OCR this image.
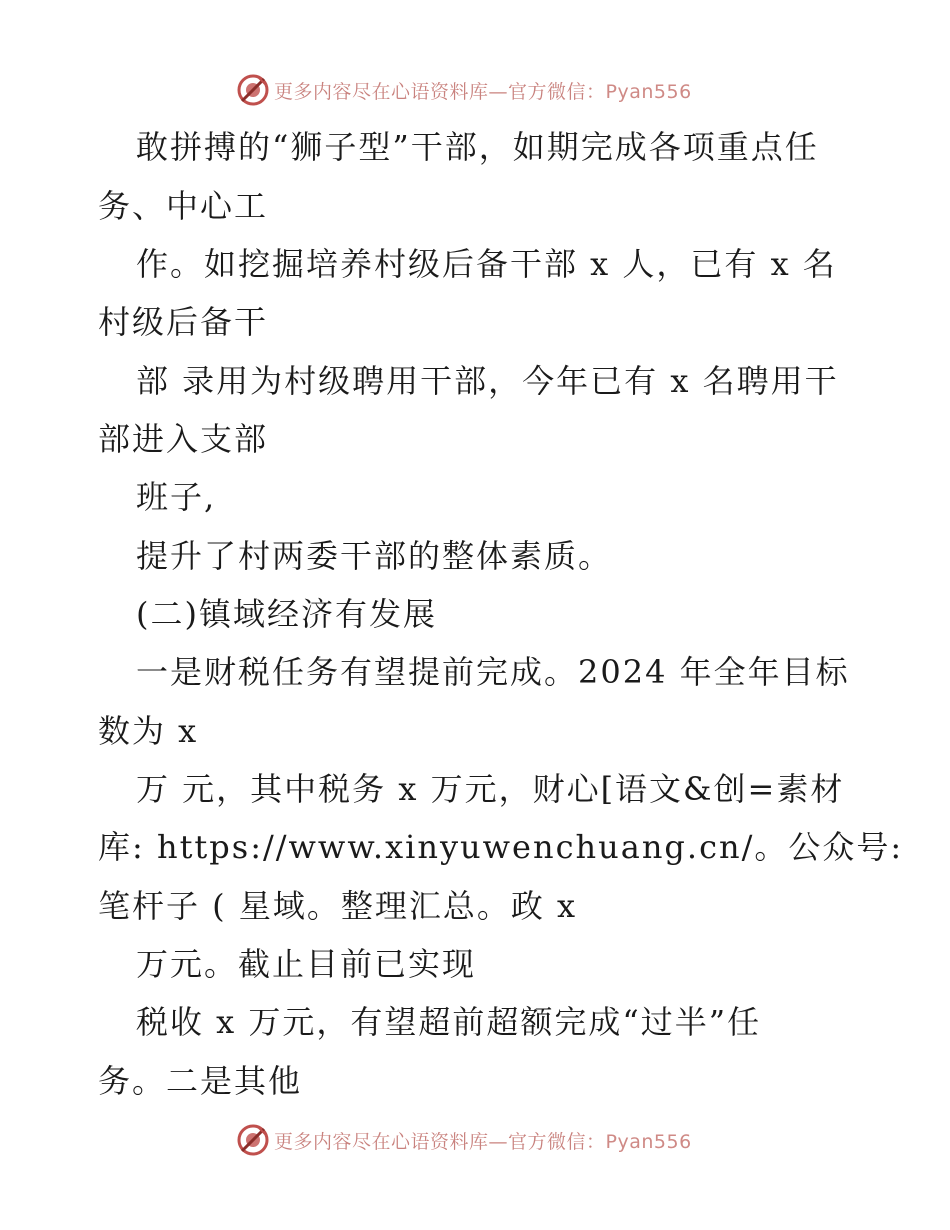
更多内容尽在心语资料库—官方微信：Pyan556
敢拼搏的“狮子型”干部，如期完成各项重点任
务、中心工
作。如挖掘培养村级后备干部 x 人，已有 x 名
村级后备干
部 录用为村级聘用干部，今年已有 x 名聘用干
部进入支部
班子,
提升了村两委干部的整体素质。
(二)镇域经济有发展
一是财税任务有望提前完成。2024 年全年目标
数为 x
万 元，其中税务 x 万元，财心[语文&创=素材
库: https://www.xinyuwenchuang.cn/。公众号:
笔杆子 ( 星域。整理汇总。政 x
万元。截止目前已实现
税收 x 万元，有望超前超额完成“过半”任
务。二是其他
更多内容尽在心语资料库—官方微信：Pyan556
